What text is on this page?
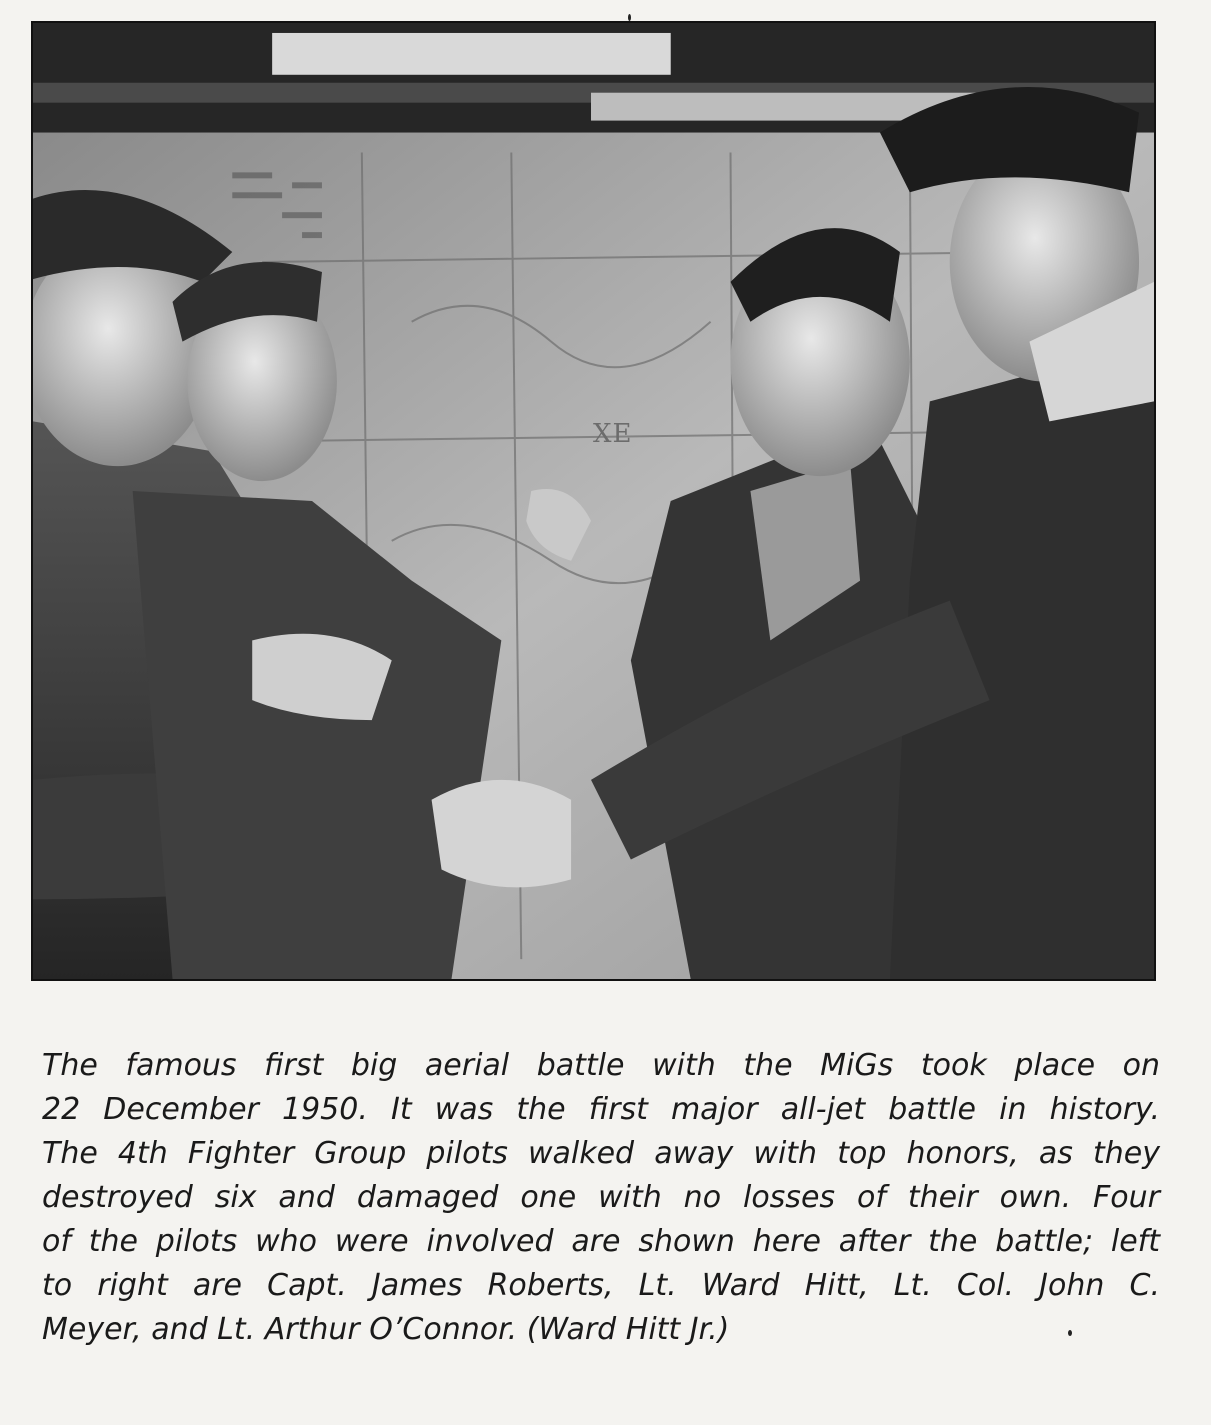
XE

The famous first big aerial battle with the MiGs took place on
22 December 1950. It was the first major all-jet battle in history.
The 4th Fighter Group pilots walked away with top honors, as they
destroyed six and damaged one with no losses of their own. Four
of the pilots who were involved are shown here after the battle; left
to right are Capt. James Roberts, Lt. Ward Hitt, Lt. Col. John C.
Meyer, and Lt. Arthur O’Connor. (Ward Hitt Jr.)
